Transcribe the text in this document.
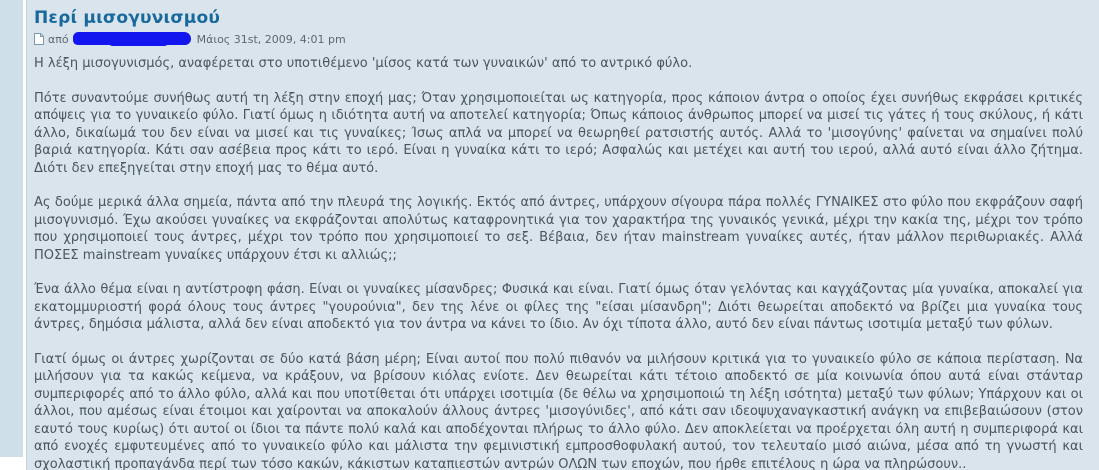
Περί μισογυνισμού
από	Μάιος 31st, 2009, 4:01 pm

Η λέξη μισογυνισμός, αναφέρεται στο υποτιθέμενο 'μίσος κατά των γυναικών' από το αντρικό φύλο.

Πότε συναντούμε συνήθως αυτή τη λέξη στην εποχή μας; Όταν χρησιμοποιείται ως κατηγορία, προς κάποιον άντρα ο οποίος έχει συνήθως εκφράσει κριτικές απόψεις για το γυναικείο φύλο. Γιατί όμως η ιδιότητα αυτή να αποτελεί κατηγορία; Όπως κάποιος άνθρωπος μπορεί να μισεί τις γάτες ή τους σκύλους, ή κάτι άλλο, δικαίωμά του δεν είναι να μισεί και τις γυναίκες; Ίσως απλά να μπορεί να θεωρηθεί ρατσιστής αυτός. Αλλά το 'μισογύνης' φαίνεται να σημαίνει πολύ βαριά κατηγορία. Κάτι σαν ασέβεια προς κάτι το ιερό. Είναι η γυναίκα κάτι το ιερό; Ασφαλώς και μετέχει και αυτή του ιερού, αλλά αυτό είναι άλλο ζήτημα. Διότι δεν επεξηγείται στην εποχή μας το θέμα αυτό.

Ας δούμε μερικά άλλα σημεία, πάντα από την πλευρά της λογικής. Εκτός από άντρες, υπάρχουν σίγουρα πάρα πολλές ΓΥΝΑΙΚΕΣ στο φύλο που εκφράζουν σαφή μισογυνισμό. Έχω ακούσει γυναίκες να εκφράζονται απολύτως καταφρονητικά για τον χαρακτήρα της γυναικός γενικά, μέχρι την κακία της, μέχρι τον τρόπο που χρησιμοποιεί τους άντρες, μέχρι τον τρόπο που χρησιμοποιεί το σεξ. Βέβαια, δεν ήταν mainstream γυναίκες αυτές, ήταν μάλλον περιθωριακές. Αλλά ΠΟΣΕΣ mainstream γυναίκες υπάρχουν έτσι κι αλλιώς;;

Ένα άλλο θέμα είναι η αντίστροφη φάση. Είναι οι γυναίκες μίσανδρες; Φυσικά και είναι. Γιατί όμως όταν γελόντας και καγχάζοντας μία γυναίκα, αποκαλεί για εκατομμυριοστή φορά όλους τους άντρες "γουρούνια", δεν της λένε οι φίλες της "είσαι μίσανδρη"; Διότι θεωρείται αποδεκτό να βρίζει μια γυναίκα τους άντρες, δημόσια μάλιστα, αλλά δεν είναι αποδεκτό για τον άντρα να κάνει το ίδιο. Αν όχι τίποτα άλλο, αυτό δεν είναι πάντως ισοτιμία μεταξύ των φύλων.

Γιατί όμως οι άντρες χωρίζονται σε δύο κατά βάση μέρη; Είναι αυτοί που πολύ πιθανόν να μιλήσουν κριτικά για το γυναικείο φύλο σε κάποια περίσταση. Να μιλήσουν για τα κακώς κείμενα, να κράξουν, να βρίσουν κιόλας ενίοτε. Δεν θεωρείται κάτι τέτοιο αποδεκτό σε μία κοινωνία όπου αυτά είναι στάνταρ συμπεριφορές από το άλλο φύλο, αλλά και που υποτίθεται ότι υπάρχει ισοτιμία (δε θέλω να χρησιμοποιώ τη λέξη ισότητα) μεταξύ των φύλων; Υπάρχουν και οι άλλοι, που αμέσως είναι έτοιμοι και χαίρονται να αποκαλούν άλλους άντρες 'μισογύνιδες', από κάτι σαν ιδεοψυχαναγκαστική ανάγκη να επιβεβαιώσουν (στον εαυτό τους κυρίως) ότι αυτοί οι ίδιοι τα πάντε πολύ καλά και αποδέχονται πλήρως το άλλο φύλο. Δεν αποκλείεται να προέρχεται όλη αυτή η συμπεριφορά και από ενοχές εμφυτευμένες από το γυναικείο φύλο και μάλιστα την φεμινιστική εμπροσθοφυλακή αυτού, τον τελευταίο μισό αιώνα, μέσα από τη γνωστή και σχολαστική προπαγάνδα περί των τόσο κακών, κάκιστων καταπιεστών αντρών ΟΛΩΝ των εποχών, που ήρθε επιτέλους η ώρα να πληρώσουν..
